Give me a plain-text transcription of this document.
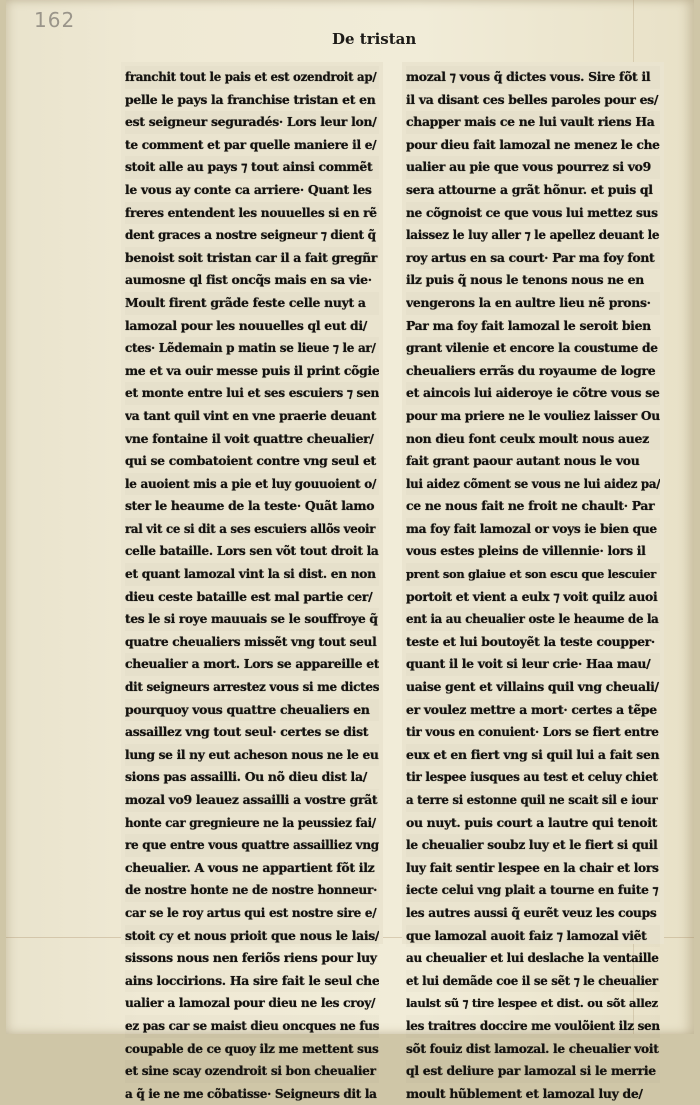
162
De tristan
franchit tout le pais et est ozendroit ap/
pelle le pays la franchise tristan et en
est seigneur seguradés· Lors leur lon/
te comment et par quelle maniere il e/
stoit alle au pays ⁊ tout ainsi commẽt
le vous ay conte ca arriere· Quant les
freres entendent les nouuelles si en rẽ
dent graces a nostre seigneur ⁊ dient q̃
benoist soit tristan car il a fait gregñr
aumosne ql fist oncq̃s mais en sa vie·
Moult firent grãde feste celle nuyt a
lamozal pour les nouuelles ql eut di/
ctes· Lẽdemain p matin se lieue ⁊ le ar/
me et va ouir messe puis il print cõgie
et monte entre lui et ses escuiers ⁊ sen
va tant quil vint en vne praerie deuant
vne fontaine il voit quattre cheualier/
qui se combatoient contre vng seul et
le auoient mis a pie et luy gouuoient o/
ster le heaume de la teste· Quãt lamo
ral vit ce si dit a ses escuiers allõs veoir
celle bataille. Lors sen võt tout droit la
et quant lamozal vint la si dist. en non
dieu ceste bataille est mal partie cer/
tes le si roye mauuais se le souffroye q̃
quatre cheualiers missẽt vng tout seul
cheualier a mort. Lors se appareille et
dit seigneurs arrestez vous si me dictes
pourquoy vous quattre cheualiers en
assaillez vng tout seul· certes se dist
lung se il ny eut acheson nous ne le eu
sions pas assailli. Ou nõ dieu dist la/
mozal vo9 leauez assailli a vostre grãt
honte car gregnieure ne la peussiez fai/
re que entre vous quattre assailliez vng
cheualier. A vous ne appartient fõt ilz
de nostre honte ne de nostre honneur·
car se le roy artus qui est nostre sire e/
stoit cy et nous prioit que nous le lais/
sissons nous nen feriõs riens pour luy
ains loccirions. Ha sire fait le seul che
ualier a lamozal pour dieu ne les croy/
ez pas car se maist dieu oncques ne fus
coupable de ce quoy ilz me mettent sus
et sine scay ozendroit si bon cheualier
a q̃ ie ne me cõbatisse· Seigneurs dit la
mozal ⁊ vous q̃ dictes vous. Sire fõt il
il va disant ces belles paroles pour es/
chapper mais ce ne lui vault riens Ha
pour dieu fait lamozal ne menez le che
ualier au pie que vous pourrez si vo9
sera attourne a grãt hõnur. et puis ql
ne cõgnoist ce que vous lui mettez sus
laissez le luy aller ⁊ le apellez deuant le
roy artus en sa court· Par ma foy font
ilz puis q̃ nous le tenons nous ne en
vengerons la en aultre lieu nẽ prons·
Par ma foy fait lamozal le seroit bien
grant vilenie et encore la coustume de
cheualiers errãs du royaume de logre
et aincois lui aideroye ie cõtre vous se
pour ma priere ne le vouliez laisser Ou
non dieu font ceulx moult nous auez
fait grant paour autant nous le vou
lui aidez cõment se vous ne lui aidez pa/
ce ne nous fait ne froit ne chault· Par
ma foy fait lamozal or voys ie bien que
vous estes pleins de villennie· lors il
prent son glaiue et son escu que lescuier
portoit et vient a eulx ⁊ voit quilz auoi
ent ia au cheualier oste le heaume de la
teste et lui boutoyẽt la teste coupper·
quant il le voit si leur crie· Haa mau/
uaise gent et villains quil vng cheuali/
er voulez mettre a mort· certes a tẽpe
tir vous en conuient· Lors se fiert entre
eux et en fiert vng si quil lui a fait sen
tir lespee iusques au test et celuy chiet
a terre si estonne quil ne scait sil e iour
ou nuyt. puis court a lautre qui tenoit
le cheualier soubz luy et le fiert si quil
luy fait sentir lespee en la chair et lors
iecte celui vng plait a tourne en fuite ⁊
les autres aussi q̃ eurẽt veuz les coups
que lamozal auoit faiz ⁊ lamozal viẽt
au cheualier et lui deslache la ventaille
et lui demãde coe il se sẽt ⁊ le cheualier
laulst sũ ⁊ tire lespee et dist. ou sõt allez
les traitres doccire me voulõient ilz sen
sõt fouiz dist lamozal. le cheualier voit
ql est deliure par lamozal si le merrie
moult hũblement et lamozal luy de/
